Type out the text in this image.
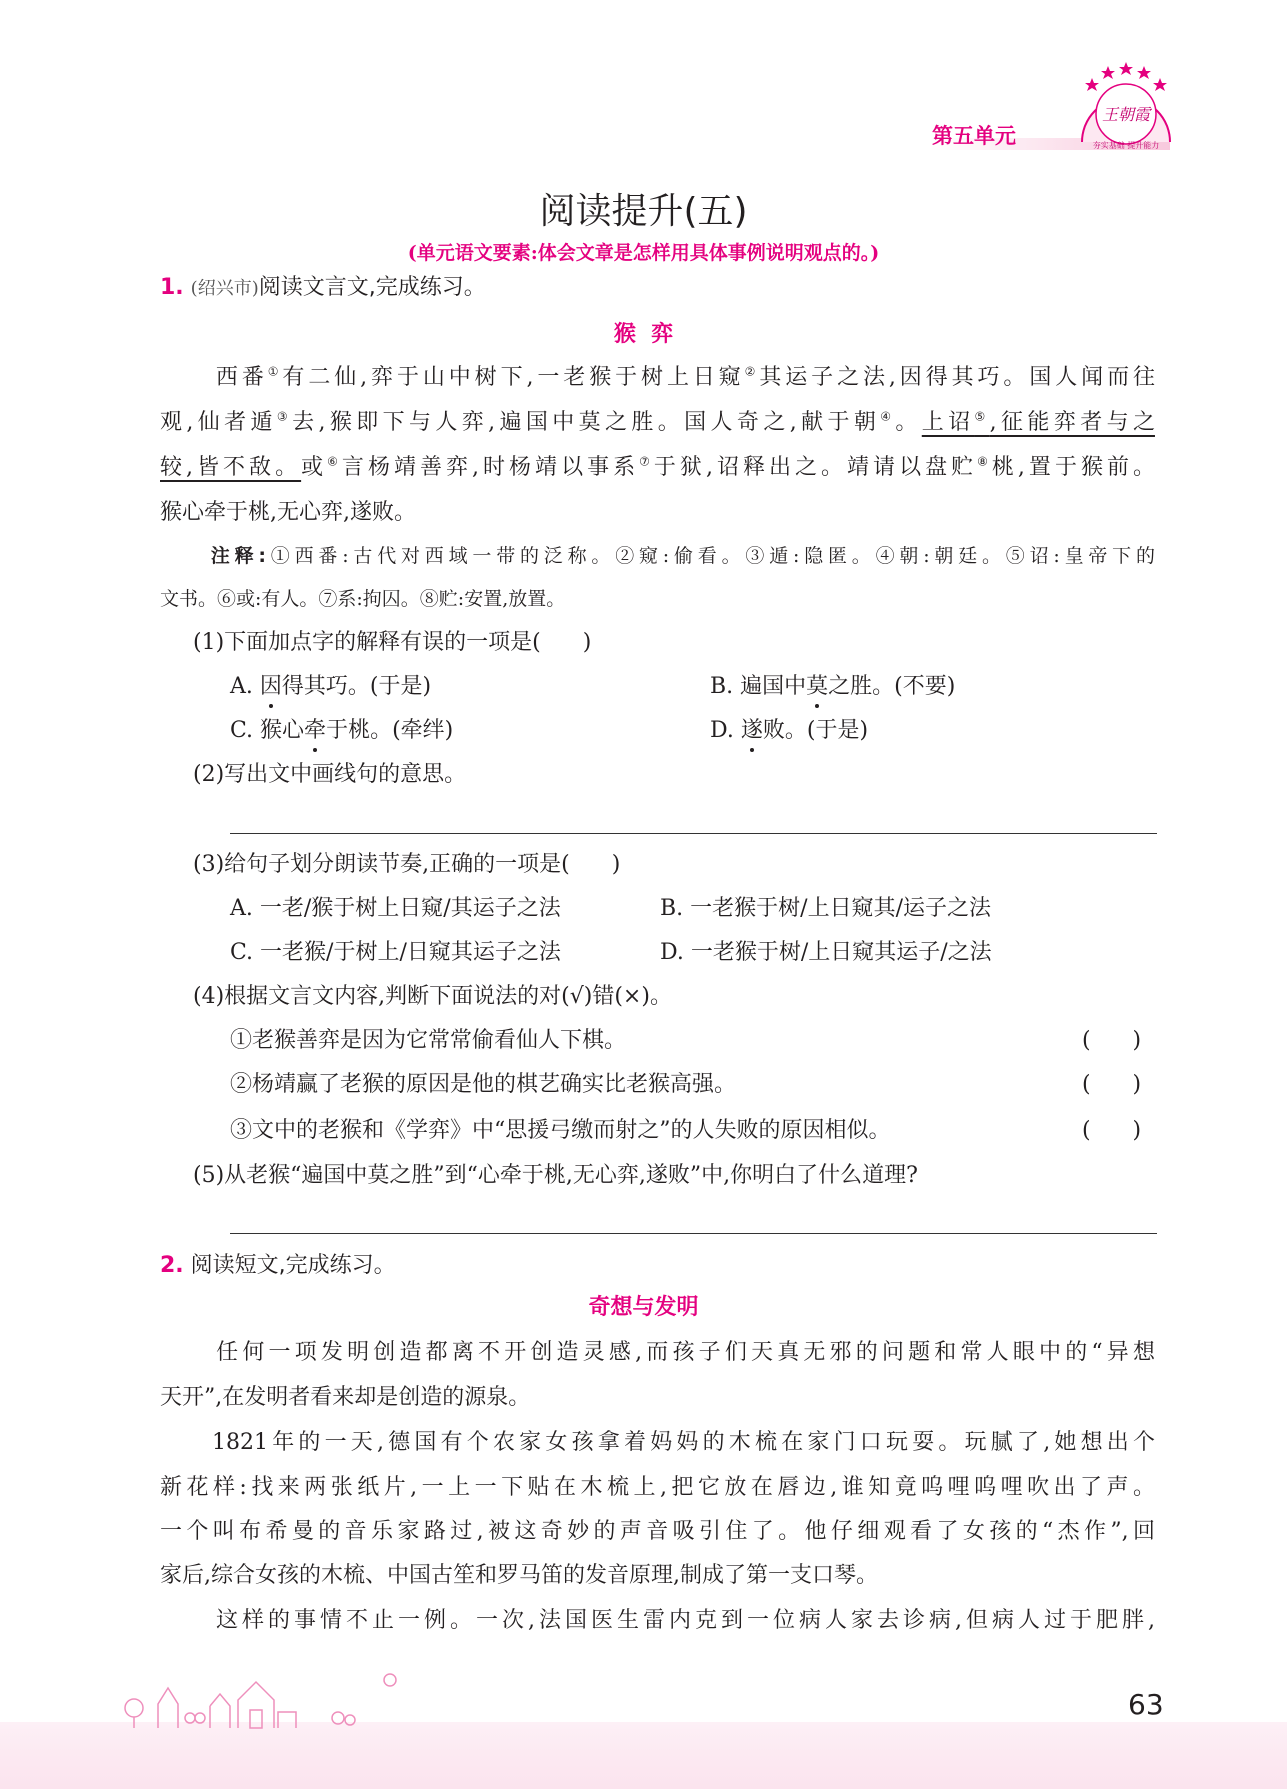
第五单元
王朝霞
夯实基础 提升能力
阅读提升(五)
(单元语文要素:体会文章是怎样用具体事例说明观点的。)
1. (绍兴市)阅读文言文,完成练习。
猴  弈
西番①有二仙,弈于山中树下,一老猴于树上日窥②其运子之法,因得其巧。国人闻而往
观,仙者遁③去,猴即下与人弈,遍国中莫之胜。国人奇之,献于朝④。上诏⑤,征能弈者与之
较,皆不敌。或⑥言杨靖善弈,时杨靖以事系⑦于狱,诏释出之。靖请以盘贮⑧桃,置于猴前。
猴心牵于桃,无心弈,遂败。
注释:①西番:古代对西域一带的泛称。②窥:偷看。③遁:隐匿。④朝:朝廷。⑤诏:皇帝下的
文书。⑥或:有人。⑦系:拘囚。⑧贮:安置,放置。
(1)下面加点字的解释有误的一项是(      )
A. 因得其巧。(于是)	B. 遍国中莫之胜。(不要)
C. 猴心牵于桃。(牵绊)	D. 遂败。(于是)
(2)写出文中画线句的意思。
(3)给句子划分朗读节奏,正确的一项是(      )
A. 一老/猴于树上日窥/其运子之法	B. 一老猴于树/上日窥其/运子之法
C. 一老猴/于树上/日窥其运子之法	D. 一老猴于树/上日窥其运子/之法
(4)根据文言文内容,判断下面说法的对(√)错(×)。
①老猴善弈是因为它常常偷看仙人下棋。	(      )
②杨靖赢了老猴的原因是他的棋艺确实比老猴高强。	(      )
③文中的老猴和《学弈》中“思援弓缴而射之”的人失败的原因相似。	(      )
(5)从老猴“遍国中莫之胜”到“心牵于桃,无心弈,遂败”中,你明白了什么道理?
2. 阅读短文,完成练习。
奇想与发明
任何一项发明创造都离不开创造灵感,而孩子们天真无邪的问题和常人眼中的“异想
天开”,在发明者看来却是创造的源泉。
1821年的一天,德国有个农家女孩拿着妈妈的木梳在家门口玩耍。玩腻了,她想出个
新花样:找来两张纸片,一上一下贴在木梳上,把它放在唇边,谁知竟呜哩呜哩吹出了声。
一个叫布希曼的音乐家路过,被这奇妙的声音吸引住了。他仔细观看了女孩的“杰作”,回
家后,综合女孩的木梳、中国古笙和罗马笛的发音原理,制成了第一支口琴。
这样的事情不止一例。一次,法国医生雷内克到一位病人家去诊病,但病人过于肥胖,
63
